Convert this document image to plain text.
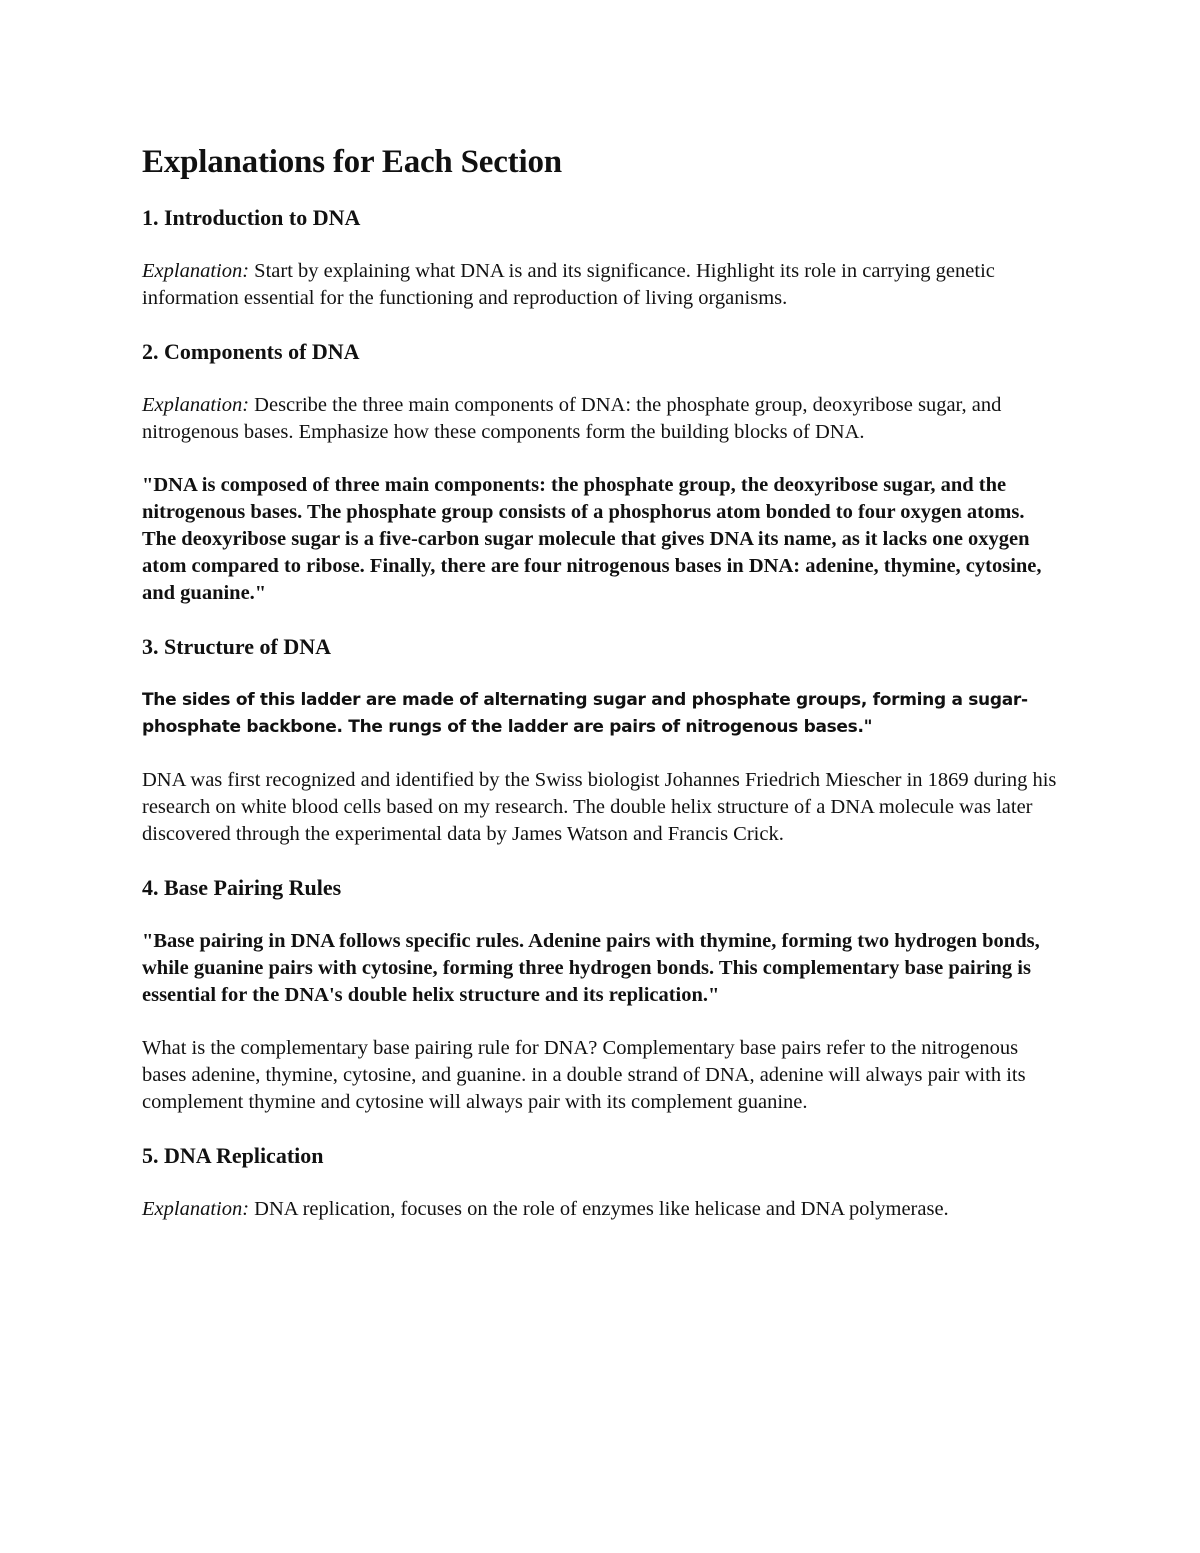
Explanations for Each Section
1. Introduction to DNA

Explanation: Start by explaining what DNA is and its significance. Highlight its role in carrying genetic information essential for the functioning and reproduction of living organisms.

2. Components of DNA

Explanation: Describe the three main components of DNA: the phosphate group, deoxyribose sugar, and nitrogenous bases. Emphasize how these components form the building blocks of DNA.

"DNA is composed of three main components: the phosphate group, the deoxyribose sugar, and the nitrogenous bases. The phosphate group consists of a phosphorus atom bonded to four oxygen atoms. The deoxyribose sugar is a five-carbon sugar molecule that gives DNA its name, as it lacks one oxygen atom compared to ribose. Finally, there are four nitrogenous bases in DNA: adenine, thymine, cytosine, and guanine."

3. Structure of DNA

The sides of this ladder are made of alternating sugar and phosphate groups, forming a sugar-phosphate backbone. The rungs of the ladder are pairs of nitrogenous bases."

DNA was first recognized and identified by the Swiss biologist Johannes Friedrich Miescher in 1869 during his research on white blood cells based on my research. The double helix structure of a DNA molecule was later discovered through the experimental data by James Watson and Francis Crick.

4. Base Pairing Rules

"Base pairing in DNA follows specific rules. Adenine pairs with thymine, forming two hydrogen bonds, while guanine pairs with cytosine, forming three hydrogen bonds. This complementary base pairing is essential for the DNA's double helix structure and its replication."

What is the complementary base pairing rule for DNA? Complementary base pairs refer to the nitrogenous bases adenine, thymine, cytosine, and guanine. in a double strand of DNA, adenine will always pair with its complement thymine and cytosine will always pair with its complement guanine.

5. DNA Replication

Explanation: DNA replication, focuses on the role of enzymes like helicase and DNA polymerase.
